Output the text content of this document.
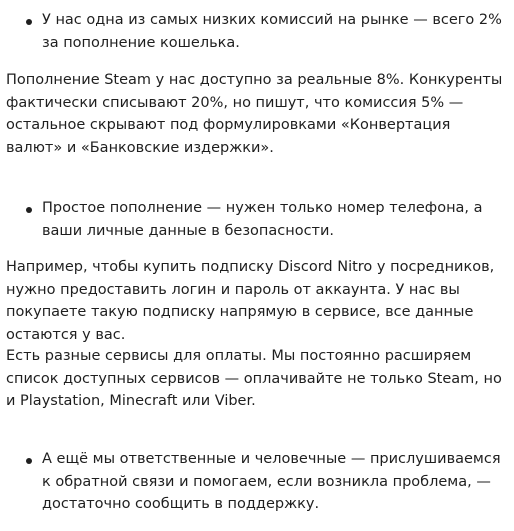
У нас одна из самых низких комиссий на рынке — всего 2% за пополнение кошелька.

Пополнение Steam у нас доступно за реальные 8%. Конкуренты фактически списывают 20%, но пишут, что комиссия 5% — остальное скрывают под формулировками «Конвертация валют» и «Банковские издержки».

Простое пополнение — нужен только номер телефона, а ваши личные данные в безопасности.

Например, чтобы купить подписку Discord Nitro у посредников, нужно предоставить логин и пароль от аккаунта. У нас вы покупаете такую подписку напрямую в сервисе, все данные остаются у вас.

Есть разные сервисы для оплаты. Мы постоянно расширяем список доступных сервисов — оплачивайте не только Steam, но и Playstation, Minecraft или Viber.

А ещё мы ответственные и человечные — прислушиваемся к обратной связи и помогаем, если возникла проблема, — достаточно сообщить в поддержку.
